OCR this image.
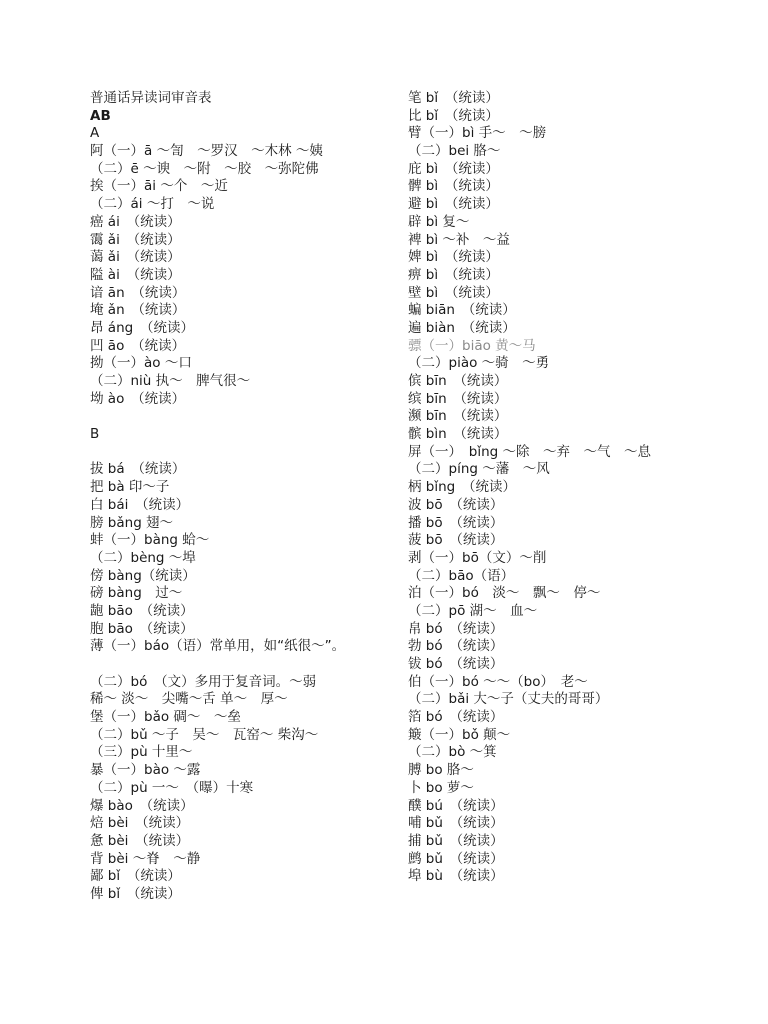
普通话异读词审音表
AB
A
阿（一）ā ～訇　～罗汉　～木林 ～姨
（二）ē ～谀　～附　～胶　～弥陀佛
挨（一）āi ～个　～近
（二）ái ～打　～说
癌 ái　（统读）
霭 ǎi　（统读）
蔼 ǎi　（统读）
隘 ài　（统读）
谙 ān　（统读）
埯 ǎn　（统读）
昂 áng　（统读）
凹 āo　（统读）
拗（一）ào ～口
（二）niù 执～　脾气很～
坳 ào　（统读）
B
拔 bá　（统读）
把 bà 印～子
白 bái　（统读）
膀 bǎng 翅～
蚌（一）bàng 蛤～
（二）bèng ～埠
傍 bàng（统读）
磅 bàng　过～
龅 bāo　（统读）
胞 bāo　（统读）
薄（一）báo（语）常单用，如“纸很～”。
（二）bó　（文）多用于复音词。～弱
稀～ 淡～　尖嘴～舌 单～　厚～
堡（一）bǎo 碉～　～垒
（二）bǔ ～子　吴～　瓦窑～ 柴沟～
（三）pù 十里～
暴（一）bào ～露
（二）pù 一～　（曝）十寒
爆 bào　（统读）
焙 bèi　（统读）
惫 bèi　（统读）
背 bèi ～脊　～静
鄙 bǐ　（统读）
俾 bǐ　（统读）
笔 bǐ　（统读）
比 bǐ　（统读）
臂（一）bì 手～　～膀
（二）bei 胳～
庇 bì　（统读）
髀 bì　（统读）
避 bì　（统读）
辟 bì 复～
裨 bì ～补　～益
婢 bì　（统读）
痹 bì　（统读）
壁 bì　（统读）
蝙 biān　（统读）
遍 biàn　（统读）
骠（一）biāo 黄～马
（二）piào ～骑　～勇
傧 bīn　（统读）
缤 bīn　（统读）
濒 bīn　（统读）
髌 bìn　（统读）
屏（一）　bǐng ～除　～弃　～气　～息
（二）píng ～藩　～风
柄 bǐng　（统读）
波 bō　（统读）
播 bō　（统读）
菠 bō　（统读）
剥（一）bō（文）～削
（二）bāo（语）
泊（一）bó　淡～　飘～　停～
（二）pō 湖～　血～
帛 bó　（统读）
勃 bó　（统读）
钹 bó　（统读）
伯（一）bó ～～（bo）　老～
（二）bǎi 大～子（丈夫的哥哥）
箔 bó　（统读）
簸（一）bǒ 颠～
（二）bò ～箕
膊 bo 胳～
卜 bo 萝～
醭 bú　（统读）
哺 bǔ　（统读）
捕 bǔ　（统读）
鹧 bǔ　（统读）
埠 bù　（统读）
